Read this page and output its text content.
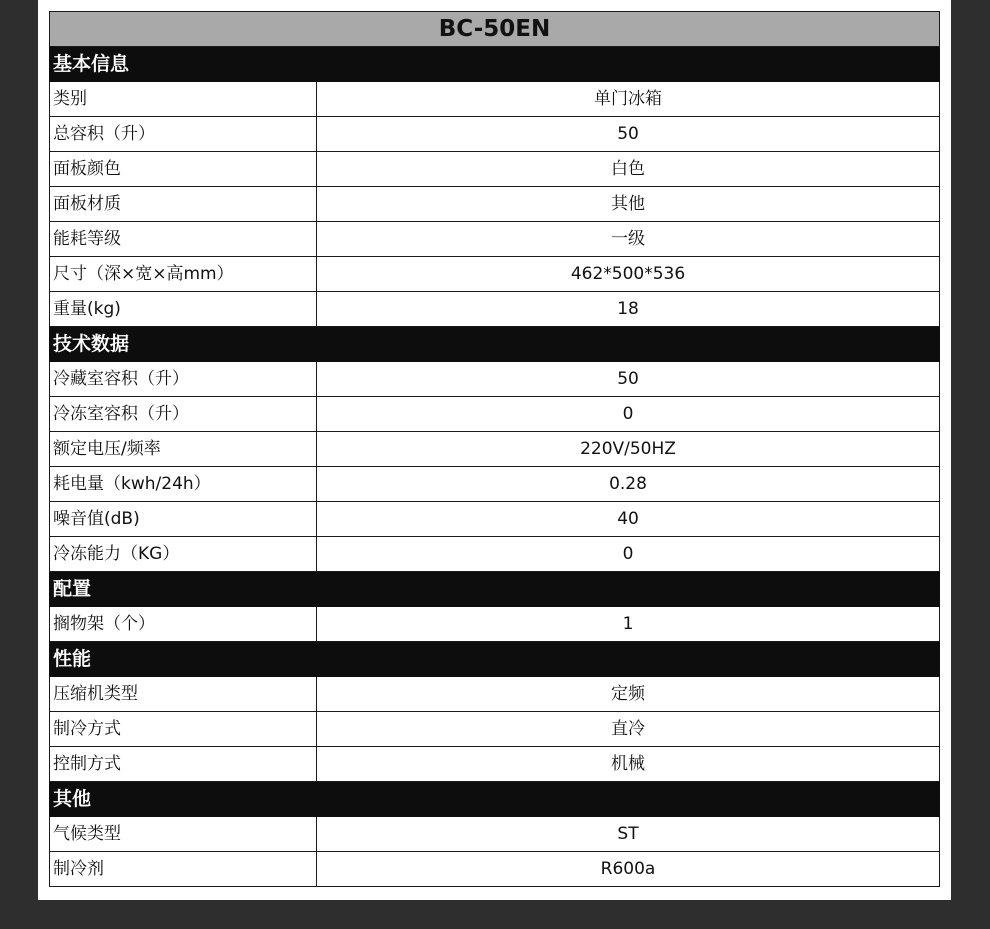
BC-50EN	
基本信息	
类别	单门冰箱
总容积（升）	50
面板颜色	白色
面板材质	其他
能耗等级	一级
尺寸（深×宽×高mm）	462*500*536
重量(kg)	18
技术数据	
冷藏室容积（升）	50
冷冻室容积（升）	0
额定电压/频率	220V/50HZ
耗电量（kwh/24h）	0.28
噪音值(dB)	40
冷冻能力（KG）	0
配置	
搁物架（个）	1
性能	
压缩机类型	定频
制冷方式	直冷
控制方式	机械
其他	
气候类型	ST
制冷剂	R600a
